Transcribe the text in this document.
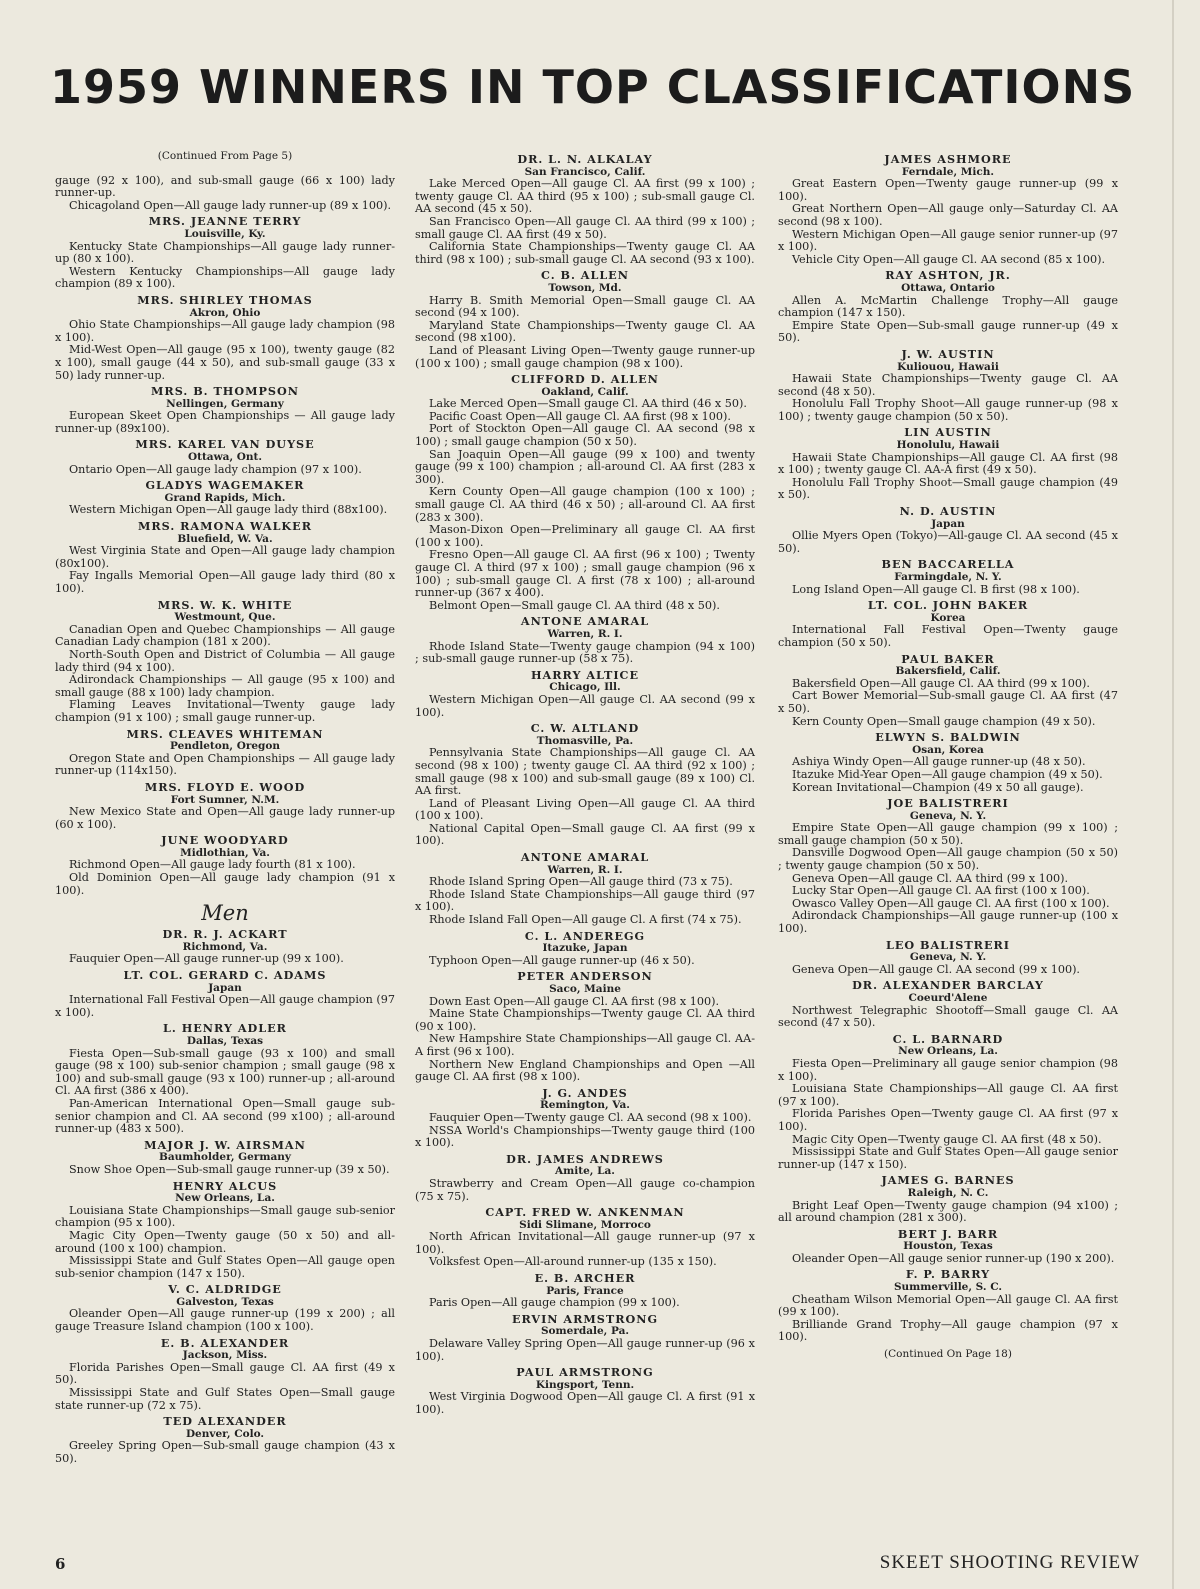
1959 WINNERS IN TOP CLASSIFICATIONS
(Continued From Page 5)
gauge (92 x 100), and sub-small gauge (66 x 100) lady runner-up.
Chicagoland Open—All gauge lady runner-up (89 x 100).
MRS. JEANNE TERRY
Louisville, Ky.
Kentucky State Championships—All gauge lady runner-up (80 x 100).
Western Kentucky Championships—All gauge lady champion (89 x 100).
MRS. SHIRLEY THOMAS
Akron, Ohio
Ohio State Championships—All gauge lady champion (98 x 100).
Mid-West Open—All gauge (95 x 100), twenty gauge (82 x 100), small gauge (44 x 50), and sub-small gauge (33 x 50) lady runner-up.
MRS. B. THOMPSON
Nellingen, Germany
European Skeet Open Championships — All gauge lady runner-up (89x100).
MRS. KAREL VAN DUYSE
Ottawa, Ont.
Ontario Open—All gauge lady champion (97 x 100).
GLADYS WAGEMAKER
Grand Rapids, Mich.
Western Michigan Open—All gauge lady third (88x100).
MRS. RAMONA WALKER
Bluefield, W. Va.
West Virginia State and Open—All gauge lady champion (80x100).
Fay Ingalls Memorial Open—All gauge lady third (80 x 100).
MRS. W. K. WHITE
Westmount, Que.
Canadian Open and Quebec Championships — All gauge Canadian Lady champion (181 x 200).
North-South Open and District of Columbia — All gauge lady third (94 x 100).
Adirondack Championships — All gauge (95 x 100) and small gauge (88 x 100) lady champion.
Flaming Leaves Invitational—Twenty gauge lady champion (91 x 100) ; small gauge runner-up.
MRS. CLEAVES WHITEMAN
Pendleton, Oregon
Oregon State and Open Championships — All gauge lady runner-up (114x150).
MRS. FLOYD E. WOOD
Fort Sumner, N.M.
New Mexico State and Open—All gauge lady runner-up (60 x 100).
JUNE WOODYARD
Midlothian, Va.
Richmond Open—All gauge lady fourth (81 x 100).
Old Dominion Open—All gauge lady champion (91 x 100).
Men
DR. R. J. ACKART
Richmond, Va.
Fauquier Open—All gauge runner-up (99 x 100).
LT. COL. GERARD C. ADAMS
Japan
International Fall Festival Open—All gauge champion (97 x 100).
L. HENRY ADLER
Dallas, Texas
Fiesta Open—Sub-small gauge (93 x 100) and small gauge (98 x 100) sub-senior champion ; small gauge (98 x 100) and sub-small gauge (93 x 100) runner-up ; all-around Cl. AA first (386 x 400).
Pan-American International Open—Small gauge sub-senior champion and Cl. AA second (99 x100) ; all-around runner-up (483 x 500).
MAJOR J. W. AIRSMAN
Baumholder, Germany
Snow Shoe Open—Sub-small gauge runner-up (39 x 50).
HENRY ALCUS
New Orleans, La.
Louisiana State Championships—Small gauge sub-senior champion (95 x 100).
Magic City Open—Twenty gauge (50 x 50) and all-around (100 x 100) champion.
Mississippi State and Gulf States Open—All gauge open sub-senior champion (147 x 150).
V. C. ALDRIDGE
Galveston, Texas
Oleander Open—All gauge runner-up (199 x 200) ; all gauge Treasure Island champion (100 x 100).
E. B. ALEXANDER
Jackson, Miss.
Florida Parishes Open—Small gauge Cl. AA first (49 x 50).
Mississippi State and Gulf States Open—Small gauge state runner-up (72 x 75).
TED ALEXANDER
Denver, Colo.
Greeley Spring Open—Sub-small gauge champion (43 x 50).
DR. L. N. ALKALAY
San Francisco, Calif.
Lake Merced Open—All gauge Cl. AA first (99 x 100) ; twenty gauge Cl. AA third (95 x 100) ; sub-small gauge Cl. AA second (45 x 50).
San Francisco Open—All gauge Cl. AA third (99 x 100) ; small gauge Cl. AA first (49 x 50).
California State Championships—Twenty gauge Cl. AA third (98 x 100) ; sub-small gauge Cl. AA second (93 x 100).
C. B. ALLEN
Towson, Md.
Harry B. Smith Memorial Open—Small gauge Cl. AA second (94 x 100).
Maryland State Championships—Twenty gauge Cl. AA second (98 x100).
Land of Pleasant Living Open—Twenty gauge runner-up (100 x 100) ; small gauge champion (98 x 100).
CLIFFORD D. ALLEN
Oakland, Calif.
Lake Merced Open—Small gauge Cl. AA third (46 x 50).
Pacific Coast Open—All gauge Cl. AA first (98 x 100).
Port of Stockton Open—All gauge Cl. AA second (98 x 100) ; small gauge champion (50 x 50).
San Joaquin Open—All gauge (99 x 100) and twenty gauge (99 x 100) champion ; all-around Cl. AA first (283 x 300).
Kern County Open—All gauge champion (100 x 100) ; small gauge Cl. AA third (46 x 50) ; all-around Cl. AA first (283 x 300).
Mason-Dixon Open—Preliminary all gauge Cl. AA first (100 x 100).
Fresno Open—All gauge Cl. AA first (96 x 100) ; Twenty gauge Cl. A third (97 x 100) ; small gauge champion (96 x 100) ; sub-small gauge Cl. A first (78 x 100) ; all-around runner-up (367 x 400).
Belmont Open—Small gauge Cl. AA third (48 x 50).
ANTONE AMARAL
Warren, R. I.
Rhode Island State—Twenty gauge champion (94 x 100) ; sub-small gauge runner-up (58 x 75).
HARRY ALTICE
Chicago, Ill.
Western Michigan Open—All gauge Cl. AA second (99 x 100).
C. W. ALTLAND
Thomasville, Pa.
Pennsylvania State Championships—All gauge Cl. AA second (98 x 100) ; twenty gauge Cl. AA third (92 x 100) ; small gauge (98 x 100) and sub-small gauge (89 x 100) Cl. AA first.
Land of Pleasant Living Open—All gauge Cl. AA third (100 x 100).
National Capital Open—Small gauge Cl. AA first (99 x 100).
ANTONE AMARAL
Warren, R. I.
Rhode Island Spring Open—All gauge third (73 x 75).
Rhode Island State Championships—All gauge third (97 x 100).
Rhode Island Fall Open—All gauge Cl. A first (74 x 75).
C. L. ANDEREGG
Itazuke, Japan
Typhoon Open—All gauge runner-up (46 x 50).
PETER ANDERSON
Saco, Maine
Down East Open—All gauge Cl. AA first (98 x 100).
Maine State Championships—Twenty gauge Cl. AA third (90 x 100).
New Hampshire State Championships—All gauge Cl. AA-A first (96 x 100).
Northern New England Championships and Open —All gauge Cl. AA first (98 x 100).
J. G. ANDES
Remington, Va.
Fauquier Open—Twenty gauge Cl. AA second (98 x 100).
NSSA World's Championships—Twenty gauge third (100 x 100).
DR. JAMES ANDREWS
Amite, La.
Strawberry and Cream Open—All gauge co-champion (75 x 75).
CAPT. FRED W. ANKENMAN
Sidi Slimane, Morroco
North African Invitational—All gauge runner-up (97 x 100).
Volksfest Open—All-around runner-up (135 x 150).
E. B. ARCHER
Paris, France
Paris Open—All gauge champion (99 x 100).
ERVIN ARMSTRONG
Somerdale, Pa.
Delaware Valley Spring Open—All gauge runner-up (96 x 100).
PAUL ARMSTRONG
Kingsport, Tenn.
West Virginia Dogwood Open—All gauge Cl. A first (91 x 100).
JAMES ASHMORE
Ferndale, Mich.
Great Eastern Open—Twenty gauge runner-up (99 x 100).
Great Northern Open—All gauge only—Saturday Cl. AA second (98 x 100).
Western Michigan Open—All gauge senior runner-up (97 x 100).
Vehicle City Open—All gauge Cl. AA second (85 x 100).
RAY ASHTON, JR.
Ottawa, Ontario
Allen A. McMartin Challenge Trophy—All gauge champion (147 x 150).
Empire State Open—Sub-small gauge runner-up (49 x 50).
J. W. AUSTIN
Kuliouou, Hawaii
Hawaii State Championships—Twenty gauge Cl. AA second (48 x 50).
Honolulu Fall Trophy Shoot—All gauge runner-up (98 x 100) ; twenty gauge champion (50 x 50).
LIN AUSTIN
Honolulu, Hawaii
Hawaii State Championships—All gauge Cl. AA first (98 x 100) ; twenty gauge Cl. AA-A first (49 x 50).
Honolulu Fall Trophy Shoot—Small gauge champion (49 x 50).
N. D. AUSTIN
Japan
Ollie Myers Open (Tokyo)—All-gauge Cl. AA second (45 x 50).
BEN BACCARELLA
Farmingdale, N. Y.
Long Island Open—All gauge Cl. B first (98 x 100).
LT. COL. JOHN BAKER
Korea
International Fall Festival Open—Twenty gauge champion (50 x 50).
PAUL BAKER
Bakersfield, Calif.
Bakersfield Open—All gauge Cl. AA third (99 x 100).
Cart Bower Memorial—Sub-small gauge Cl. AA first (47 x 50).
Kern County Open—Small gauge champion (49 x 50).
ELWYN S. BALDWIN
Osan, Korea
Ashiya Windy Open—All gauge runner-up (48 x 50).
Itazuke Mid-Year Open—All gauge champion (49 x 50).
Korean Invitational—Champion (49 x 50 all gauge).
JOE BALISTRERI
Geneva, N. Y.
Empire State Open—All gauge champion (99 x 100) ; small gauge champion (50 x 50).
Dansville Dogwood Open—All gauge champion (50 x 50) ; twenty gauge champion (50 x 50).
Geneva Open—All gauge Cl. AA third (99 x 100).
Lucky Star Open—All gauge Cl. AA first (100 x 100).
Owasco Valley Open—All gauge Cl. AA first (100 x 100).
Adirondack Championships—All gauge runner-up (100 x 100).
LEO BALISTRERI
Geneva, N. Y.
Geneva Open—All gauge Cl. AA second (99 x 100).
DR. ALEXANDER BARCLAY
Coeurd'Alene
Northwest Telegraphic Shootoff—Small gauge Cl. AA second (47 x 50).
C. L. BARNARD
New Orleans, La.
Fiesta Open—Preliminary all gauge senior champion (98 x 100).
Louisiana State Championships—All gauge Cl. AA first (97 x 100).
Florida Parishes Open—Twenty gauge Cl. AA first (97 x 100).
Magic City Open—Twenty gauge Cl. AA first (48 x 50).
Mississippi State and Gulf States Open—All gauge senior runner-up (147 x 150).
JAMES G. BARNES
Raleigh, N. C.
Bright Leaf Open—Twenty gauge champion (94 x100) ; all around champion (281 x 300).
BERT J. BARR
Houston, Texas
Oleander Open—All gauge senior runner-up (190 x 200).
F. P. BARRY
Summerville, S. C.
Cheatham Wilson Memorial Open—All gauge Cl. AA first (99 x 100).
Brilliande Grand Trophy—All gauge champion (97 x 100).
(Continued On Page 18)
6	SKEET SHOOTING REVIEW
